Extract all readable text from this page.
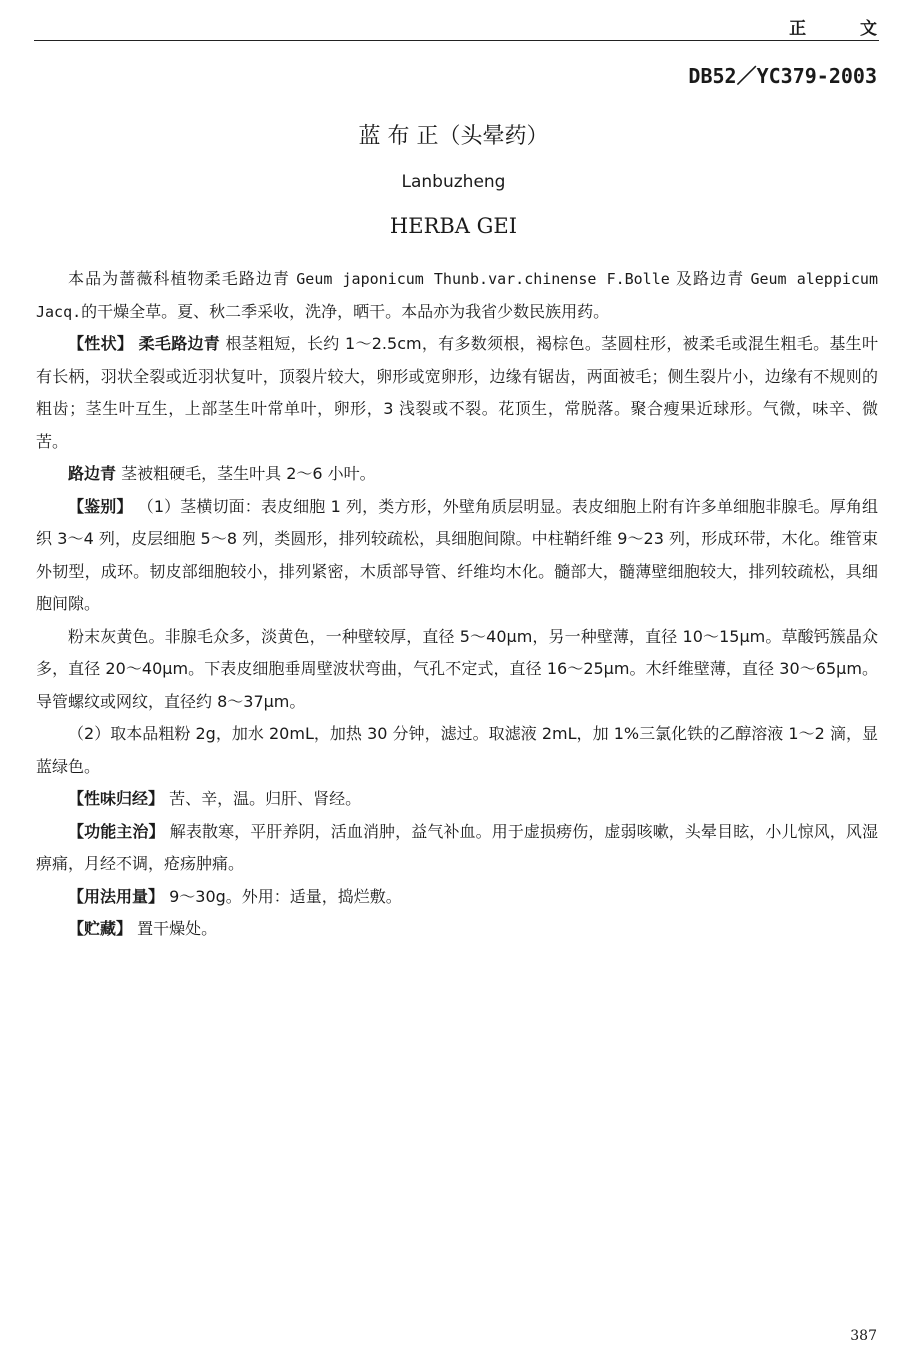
正 文
DB52／YC379-2003
蓝 布 正（头晕药）
Lanbuzheng
HERBA GEI

本品为蔷薇科植物柔毛路边青 Geum japonicum Thunb.var.chinense F.Bolle 及路边青 Geum aleppicum Jacq.的干燥全草。夏、秋二季采收，洗净，晒干。本品亦为我省少数民族用药。

【性状】 柔毛路边青 根茎粗短，长约 1～2.5cm，有多数须根，褐棕色。茎圆柱形，被柔毛或混生粗毛。基生叶有长柄，羽状全裂或近羽状复叶，顶裂片较大，卵形或宽卵形，边缘有锯齿，两面被毛；侧生裂片小，边缘有不规则的粗齿；茎生叶互生，上部茎生叶常单叶，卵形，3 浅裂或不裂。花顶生，常脱落。聚合瘦果近球形。气微，味辛、微苦。

路边青 茎被粗硬毛，茎生叶具 2～6 小叶。

【鉴别】 （1）茎横切面：表皮细胞 1 列，类方形，外壁角质层明显。表皮细胞上附有许多单细胞非腺毛。厚角组织 3～4 列，皮层细胞 5～8 列，类圆形，排列较疏松，具细胞间隙。中柱鞘纤维 9～23 列，形成环带，木化。维管束外韧型，成环。韧皮部细胞较小，排列紧密，木质部导管、纤维均木化。髓部大，髓薄壁细胞较大，排列较疏松，具细胞间隙。

粉末灰黄色。非腺毛众多，淡黄色，一种壁较厚，直径 5～40μm，另一种壁薄，直径 10～15μm。草酸钙簇晶众多，直径 20～40μm。下表皮细胞垂周壁波状弯曲，气孔不定式，直径 16～25μm。木纤维壁薄，直径 30～65μm。导管螺纹或网纹，直径约 8～37μm。

（2）取本品粗粉 2g，加水 20mL，加热 30 分钟，滤过。取滤液 2mL，加 1%三氯化铁的乙醇溶液 1～2 滴，显蓝绿色。

【性味归经】 苦、辛，温。归肝、肾经。

【功能主治】 解表散寒，平肝养阴，活血消肿，益气补血。用于虚损痨伤，虚弱咳嗽，头晕目眩，小儿惊风，风湿痹痛，月经不调，疮疡肿痛。

【用法用量】 9～30g。外用：适量，捣烂敷。

【贮藏】 置干燥处。

387
